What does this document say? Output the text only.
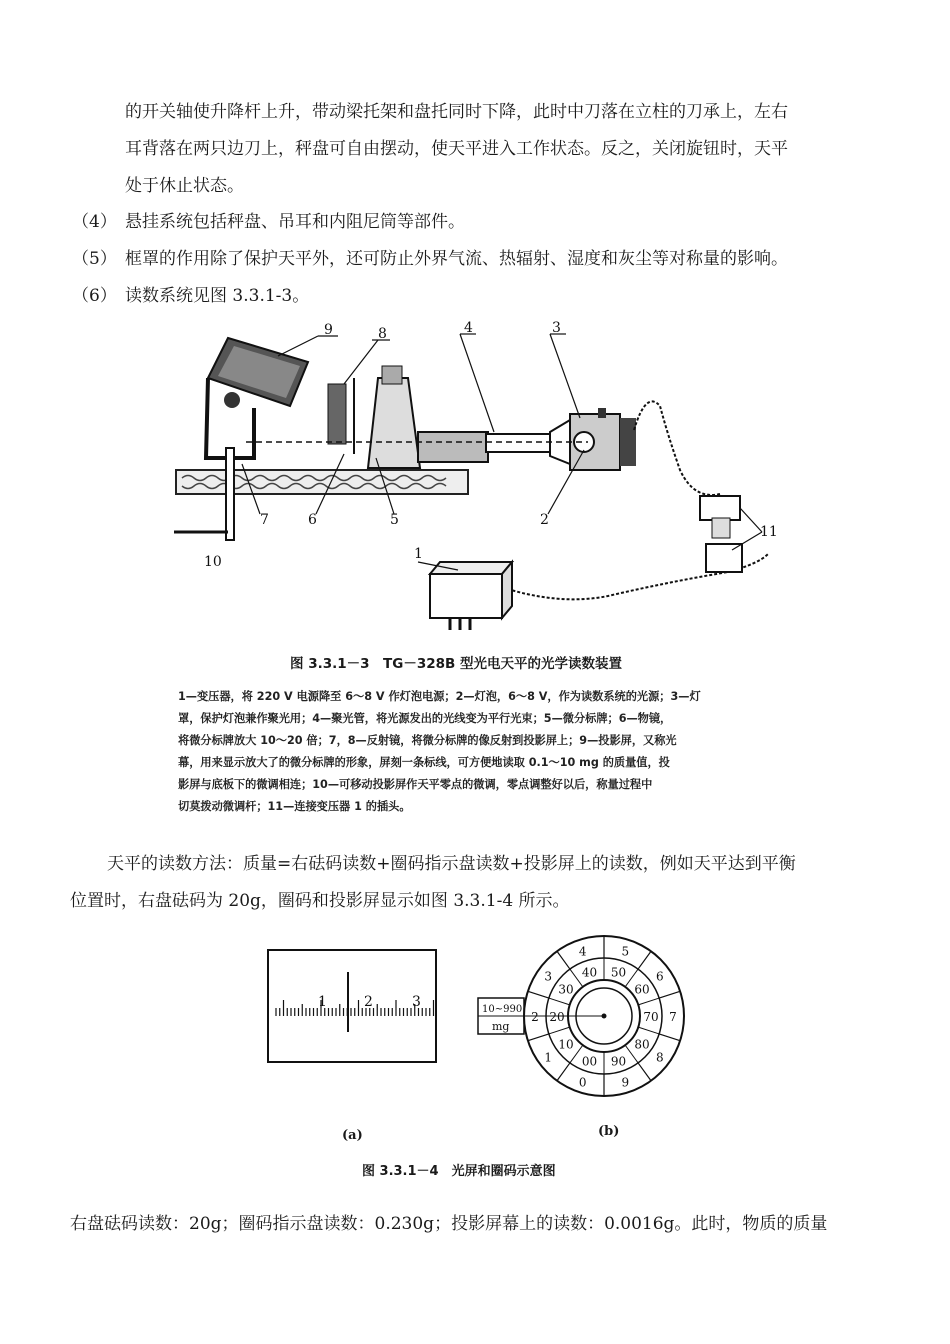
的开关轴使升降杆上升，带动梁托架和盘托同时下降，此时中刀落在立柱的刀承上，左右
耳背落在两只边刀上，秤盘可自由摆动，使天平进入工作状态。反之，关闭旋钮时，天平
处于休止状态。
（4） 悬挂系统包括秤盘、吊耳和内阻尼筒等部件。
（5） 框罩的作用除了保护天平外，还可防止外界气流、热辐射、湿度和灰尘等对称量的影响。
（6） 读数系统见图 3.3.1-3。
9	8	4	3
2
5
6
7
10
11
1
图 3.3.1－3　TG－328B 型光电天平的光学读数装置
1—变压器，将 220 V 电源降至 6～8 V 作灯泡电源；2—灯泡，6～8 V，作为读数系统的光源；3—灯
罩，保护灯泡兼作聚光用；4—聚光管，将光源发出的光线变为平行光束；5—微分标牌；6—物镜，
将微分标牌放大 10～20 倍；7，8—反射镜，将微分标牌的像反射到投影屏上；9—投影屏，又称光
幕，用来显示放大了的微分标牌的形象，屏刻一条标线，可方便地读取 0.1～10 mg 的质量值，投
影屏与底板下的微调相连；10—可移动投影屏作天平零点的微调，零点调整好以后，称量过程中
切莫拨动微调杆；11—连接变压器 1 的插头。
天平的读数方法：质量=右砝码读数+圈码指示盘读数+投影屏上的读数，例如天平达到平衡
位置时，右盘砝码为 20g，圈码和投影屏显示如图 3.3.1-4 所示。
1	2	3	10~990
mg
0
00
1
10
2 20
3
30
4
40
5
50 6
60
7
70
8
80
9
90
(a)	(b)
图 3.3.1－4　光屏和圈码示意图
右盘砝码读数：20g；圈码指示盘读数：0.230g；投影屏幕上的读数：0.0016g。此时，物质的质量
